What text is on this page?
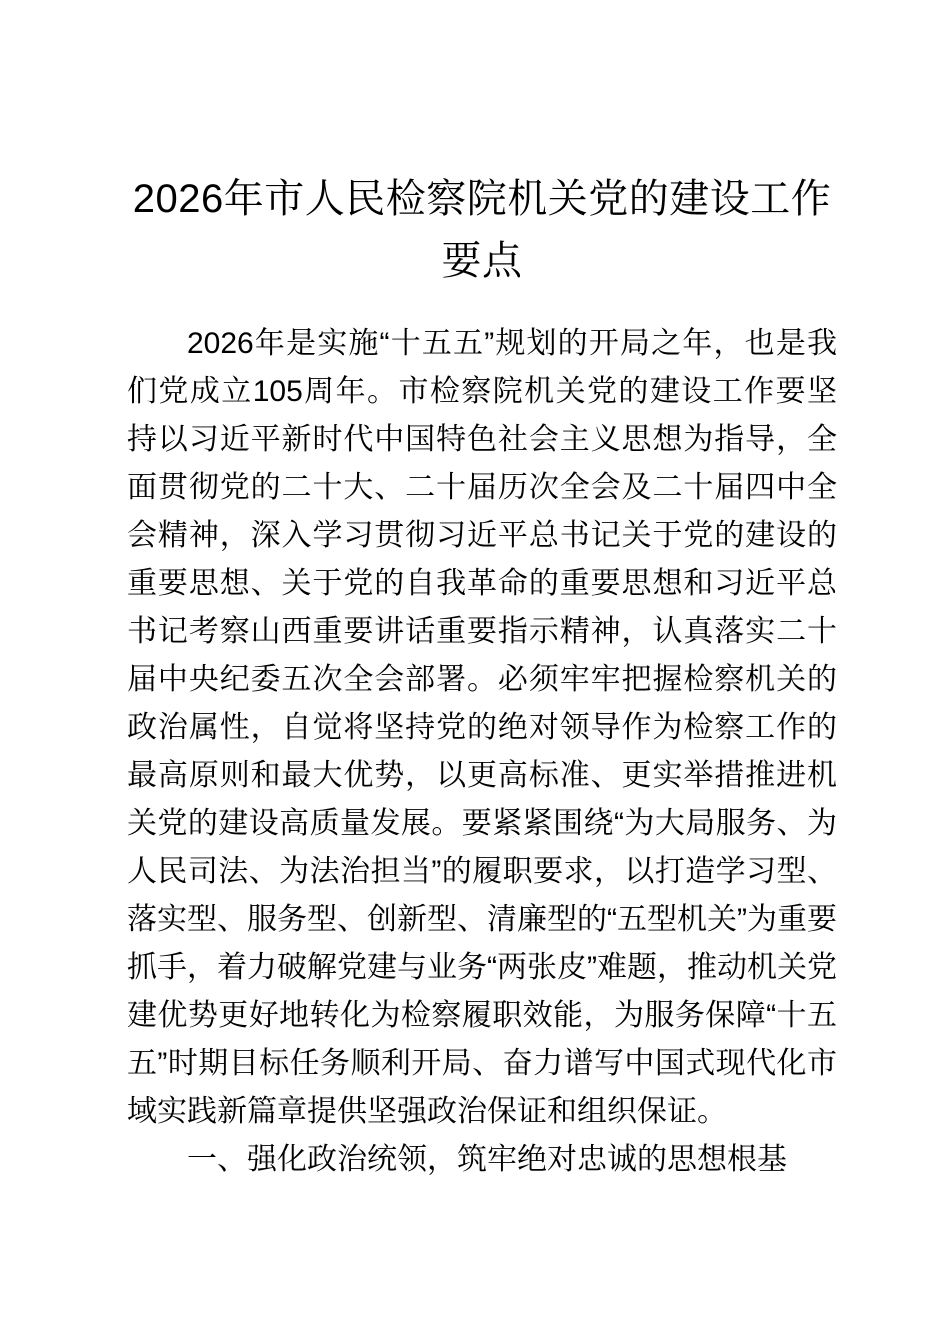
2026年市人民检察院机关党的建设工作要点

2026年是实施“十五五”规划的开局之年，也是我们党成立105周年。市检察院机关党的建设工作要坚持以习近平新时代中国特色社会主义思想为指导，全面贯彻党的二十大、二十届历次全会及二十届四中全会精神，深入学习贯彻习近平总书记关于党的建设的重要思想、关于党的自我革命的重要思想和习近平总书记考察山西重要讲话重要指示精神，认真落实二十届中央纪委五次全会部署。必须牢牢把握检察机关的政治属性，自觉将坚持党的绝对领导作为检察工作的最高原则和最大优势，以更高标准、更实举措推进机关党的建设高质量发展。要紧紧围绕“为大局服务、为人民司法、为法治担当”的履职要求，以打造学习型、落实型、服务型、创新型、清廉型的“五型机关”为重要抓手，着力破解党建与业务“两张皮”难题，推动机关党建优势更好地转化为检察履职效能，为服务保障“十五五”时期目标任务顺利开局、奋力谱写中国式现代化市域实践新篇章提供坚强政治保证和组织保证。

一、强化政治统领，筑牢绝对忠诚的思想根基
